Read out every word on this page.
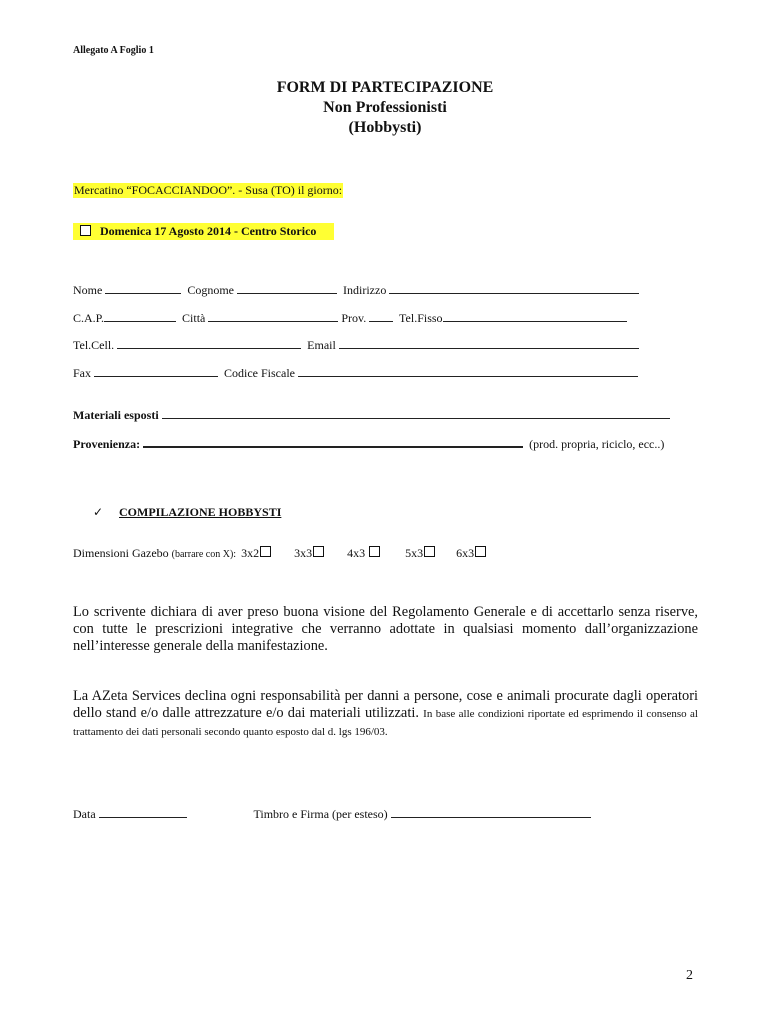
Allegato A Foglio 1
FORM DI PARTECIPAZIONE
Non Professionisti
(Hobbysti)
Mercatino “FOCACCIANDOO”. - Susa (TO) il giorno:
Domenica 17 Agosto 2014 - Centro Storico
Nome	Cognome	Indirizzo
C.A.P.	Città	Prov.	Tel.Fisso
Tel.Cell.	Email
Fax	Codice Fiscale
Materiali esposti
Provenienza:	(prod. propria, riciclo, ecc..)
✓ COMPILAZIONE HOBBYSTI
Dimensioni Gazebo (barrare con X): 3x2	3x3	4x3	5x3	6x3
Lo scrivente dichiara di aver preso buona visione del Regolamento Generale e di accettarlo senza riserve, con tutte le prescrizioni integrative che verranno adottate in qualsiasi momento dall’organizzazione nell’interesse generale della manifestazione.
La AZeta Services declina ogni responsabilità per danni a persone, cose e animali procurate dagli operatori dello stand e/o dalle attrezzature e/o dai materiali utilizzati. In base alle condizioni riportate ed esprimendo il consenso al trattamento dei dati personali secondo quanto esposto dal d. lgs 196/03.
Data	Timbro e Firma (per esteso)
2
